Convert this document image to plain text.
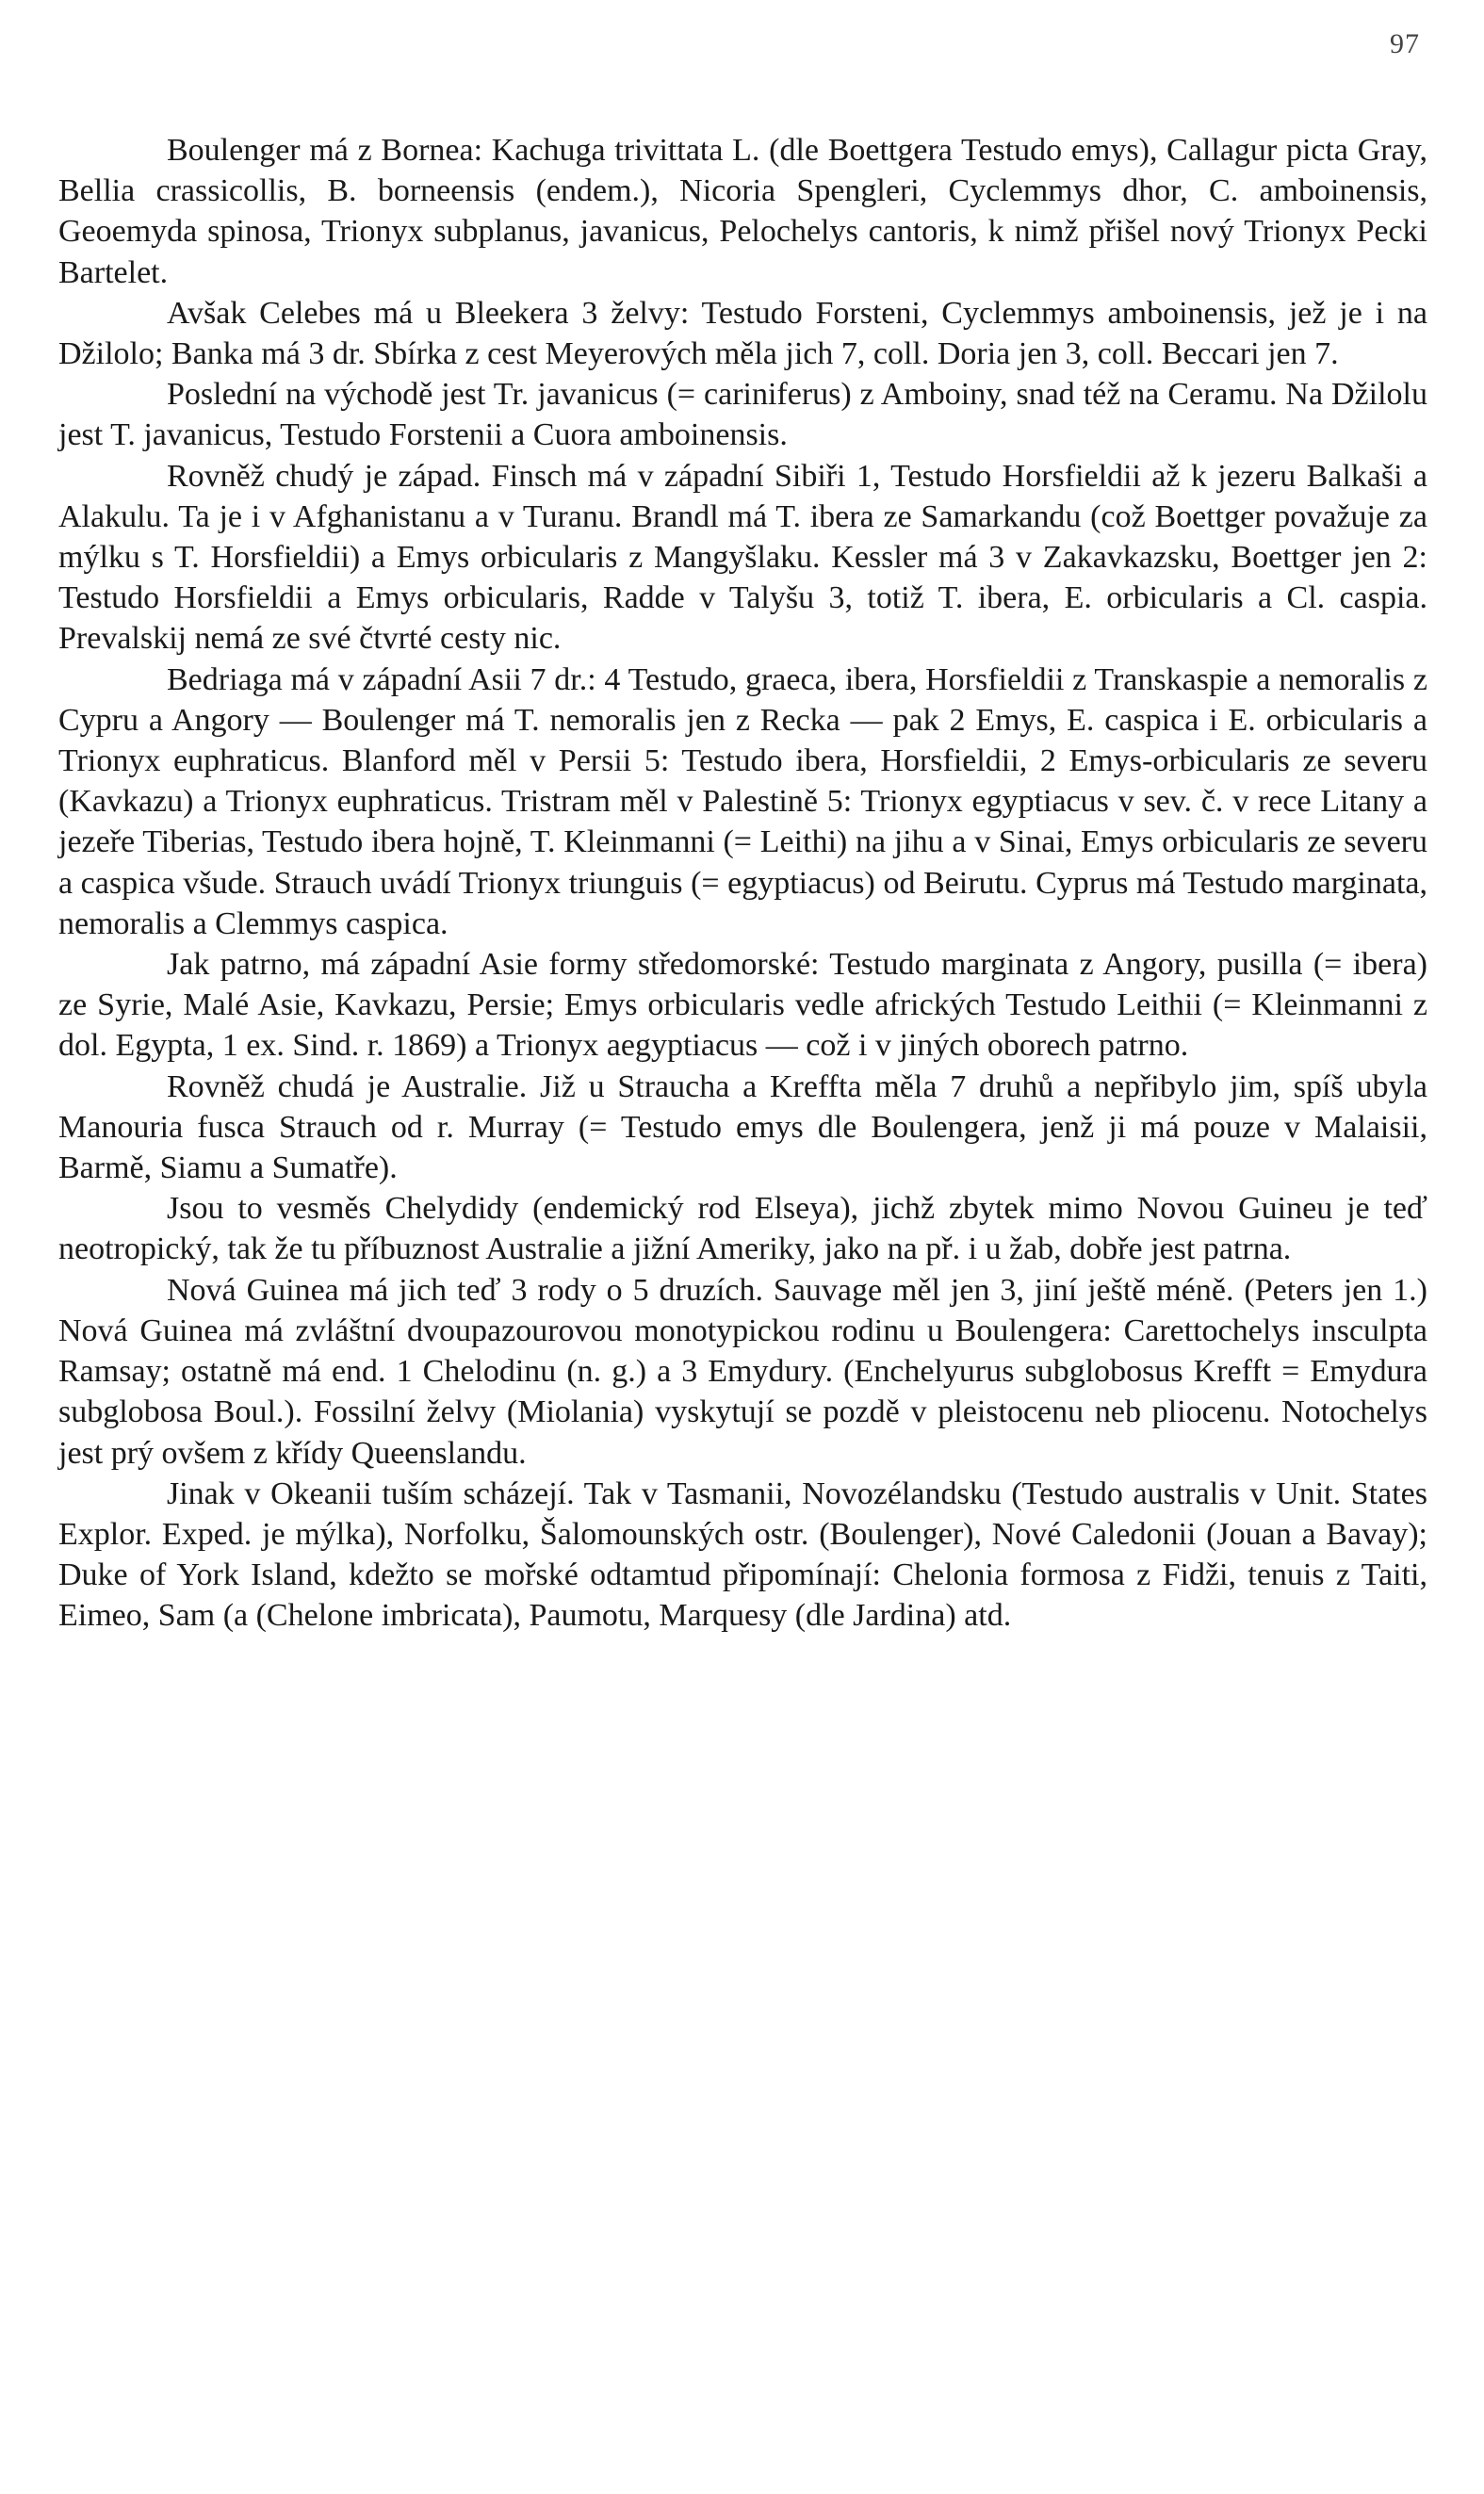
97

Boulenger má z Bornea: Kachuga trivittata L. (dle Boettgera Testudo emys), Callagur picta Gray, Bellia crassicollis, B. borneensis (endem.), Nicoria Spengleri, Cyclemmys dhor, C. amboinensis, Geoemyda spinosa, Trionyx subplanus, javanicus, Pelochelys cantoris, k nimž přišel nový Trionyx Pecki Bartelet.

Avšak Celebes má u Bleekera 3 želvy: Testudo Forsteni, Cyclemmys amboinensis, jež je i na Džilolo; Banka má 3 dr. Sbírka z cest Meyerových měla jich 7, coll. Doria jen 3, coll. Beccari jen 7.

Poslední na východě jest Tr. javanicus (= cariniferus) z Amboiny, snad též na Ceramu. Na Džilolu jest T. javanicus, Testudo Forstenii a Cuora amboinensis.

Rovněž chudý je západ. Finsch má v západní Sibiři 1, Testudo Horsfieldii až k jezeru Balkaši a Alakulu. Ta je i v Afghanistanu a v Turanu. Brandl má T. ibera ze Samarkandu (což Boettger považuje za mýlku s T. Horsfieldii) a Emys orbicularis z Mangyšlaku. Kessler má 3 v Zakavkazsku, Boettger jen 2: Testudo Horsfieldii a Emys orbicularis, Radde v Talyšu 3, totiž T. ibera, E. orbicularis a Cl. caspia. Prevalskij nemá ze své čtvrté cesty nic.

Bedriaga má v západní Asii 7 dr.: 4 Testudo, graeca, ibera, Horsfieldii z Transkaspie a nemoralis z Cypru a Angory — Boulenger má T. nemoralis jen z Recka — pak 2 Emys, E. caspica i E. orbicularis a Trionyx euphraticus. Blanford měl v Persii 5: Testudo ibera, Horsfieldii, 2 Emys-orbicularis ze severu (Kavkazu) a Trionyx euphraticus. Tristram měl v Palestině 5: Trionyx egyptiacus v sev. č. v rece Litany a jezeře Tiberias, Testudo ibera hojně, T. Kleinmanni (= Leithi) na jihu a v Sinai, Emys orbicularis ze severu a caspica všude. Strauch uvádí Trionyx triunguis (= egyptiacus) od Beirutu. Cyprus má Testudo marginata, nemoralis a Clemmys caspica.

Jak patrno, má západní Asie formy středomorské: Testudo marginata z Angory, pusilla (= ibera) ze Syrie, Malé Asie, Kavkazu, Persie; Emys orbicularis vedle afrických Testudo Leithii (= Kleinmanni z dol. Egypta, 1 ex. Sind. r. 1869) a Trionyx aegyptiacus — což i v jiných oborech patrno.

Rovněž chudá je Australie. Již u Straucha a Kreffta měla 7 druhů a nepřibylo jim, spíš ubyla Manouria fusca Strauch od r. Murray (= Testudo emys dle Boulengera, jenž ji má pouze v Malaisii, Barmě, Siamu a Sumatře).

Jsou to vesměs Chelydidy (endemický rod Elseya), jichž zbytek mimo Novou Guineu je teď neotropický, tak že tu příbuznost Australie a jižní Ameriky, jako na př. i u žab, dobře jest patrna.

Nová Guinea má jich teď 3 rody o 5 druzích. Sauvage měl jen 3, jiní ještě méně. (Peters jen 1.) Nová Guinea má zvláštní dvoupazourovou monotypickou rodinu u Boulengera: Carettochelys insculpta Ramsay; ostatně má end. 1 Chelodinu (n. g.) a 3 Emydury. (Enchelyurus subglobosus Krefft = Emydura subglobosa Boul.). Fossilní želvy (Miolania) vyskytují se pozdě v pleistocenu neb pliocenu. Notochelys jest prý ovšem z křídy Queenslandu.

Jinak v Okeanii tuším scházejí. Tak v Tasmanii, Novozélandsku (Testudo australis v Unit. States Explor. Exped. je mýlka), Norfolku, Šalomounských ostr. (Boulenger), Nové Caledonii (Jouan a Bavay); Duke of York Island, kdežto se mořské odtamtud připomínají: Chelonia formosa z Fidži, tenuis z Taiti, Eimeo, Sam (a (Chelone imbricata), Paumotu, Marquesy (dle Jardina) atd.
